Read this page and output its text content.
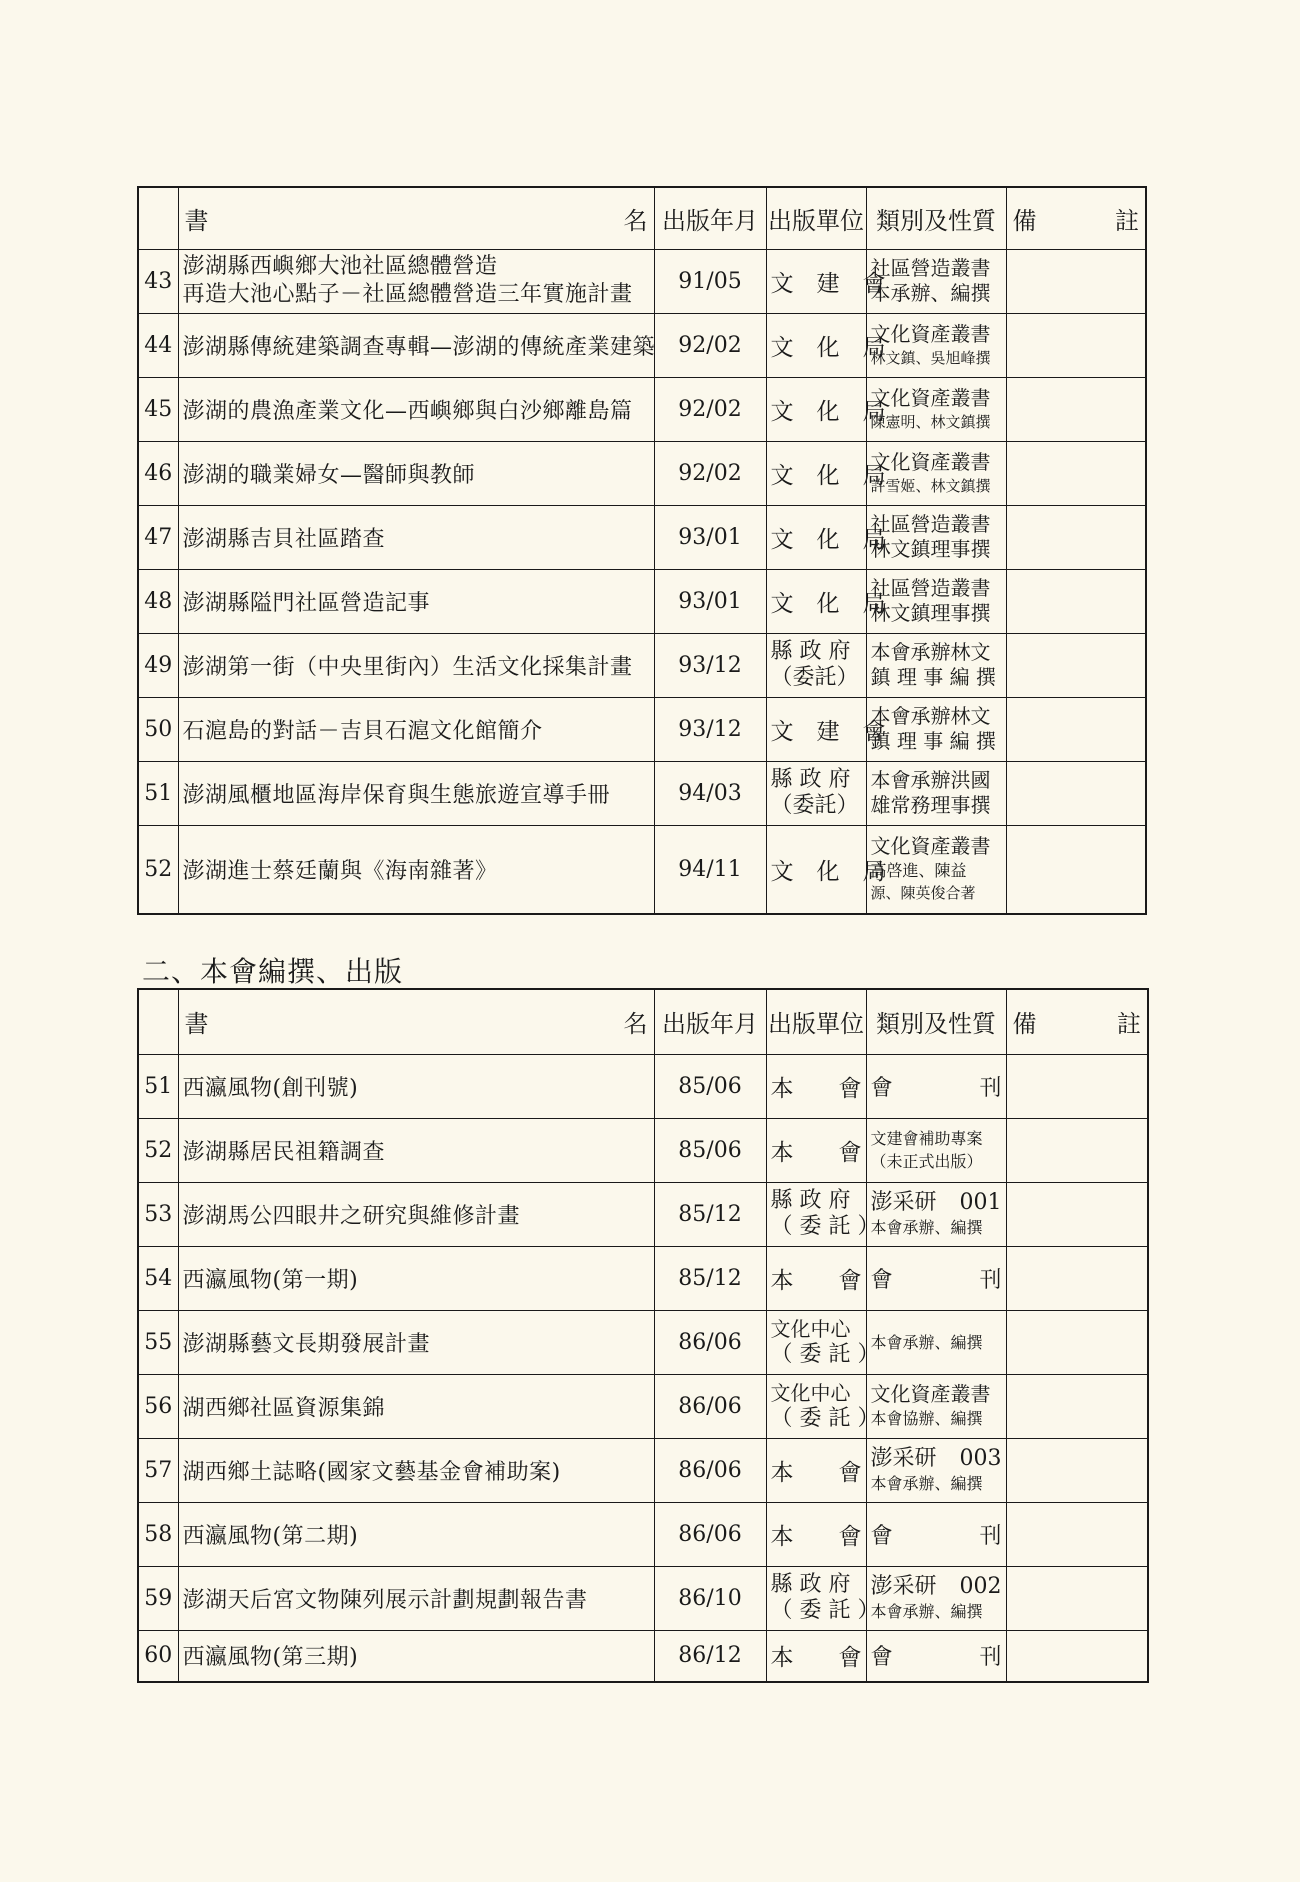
	書 名	出版年月	出版單位	類別及性質	備 註

43	澎湖縣西嶼鄉大池社區總體營造
再造大池心點子－社區總體營造三年實施計畫	91/05	文　建　會	社區營造叢書
本承辦、編撰	

44	澎湖縣傳統建築調查專輯—澎湖的傳統產業建築	92/02	文　化　局	文化資產叢書
林文鎮、吳旭峰撰	

45	澎湖的農漁產業文化—西嶼鄉與白沙鄉離島篇	92/02	文　化　局	文化資產叢書
陳憲明、林文鎮撰	

46	澎湖的職業婦女—醫師與教師	92/02	文　化　局	文化資產叢書
許雪姬、林文鎮撰	

47	澎湖縣吉貝社區踏查	93/01	文　化　局	社區營造叢書
林文鎮理事撰	

48	澎湖縣隘門社區營造記事	93/01	文　化　局	社區營造叢書
林文鎮理事撰	

49	澎湖第一街（中央里街內）生活文化採集計畫	93/12	縣 政 府
（委託）	本會承辦林文
鎮 理 事 編 撰	

50	石滬島的對話－吉貝石滬文化館簡介	93/12	文　建　會	本會承辦林文
鎮 理 事 編 撰	

51	澎湖風櫃地區海岸保育與生態旅遊宣導手冊	94/03	縣 政 府
（委託）	本會承辦洪國
雄常務理事撰	

52	澎湖進士蔡廷蘭與《海南雜著》	94/11	文　化　局	文化資產叢書
高啓進、陳益
源、陳英俊合著	

二、本會編撰、出版

	書 名	出版年月	出版單位	類別及性質	備 註

51	西瀛風物(創刊號)	85/06	本 會	會 刊	

52	澎湖縣居民祖籍調查	85/06	本 會	文建會補助專案
（未正式出版）	

53	澎湖馬公四眼井之研究與維修計畫	85/12	縣 政 府
（ 委 託 ）	澎采研 001
本會承辦、編撰	

54	西瀛風物(第一期)	85/12	本 會	會 刊	

55	澎湖縣藝文長期發展計畫	86/06	文化中心
（ 委 託 ）	本會承辦、編撰	

56	湖西鄉社區資源集錦	86/06	文化中心
（ 委 託 ）	文化資產叢書
本會協辦、編撰	

57	湖西鄉土誌略(國家文藝基金會補助案)	86/06	本 會	澎采研 003
本會承辦、編撰	

58	西瀛風物(第二期)	86/06	本 會	會 刊	

59	澎湖天后宮文物陳列展示計劃規劃報告書	86/10	縣 政 府
（ 委 託 ）	澎采研 002
本會承辦、編撰	

60	西瀛風物(第三期)	86/12	本 會	會 刊	
